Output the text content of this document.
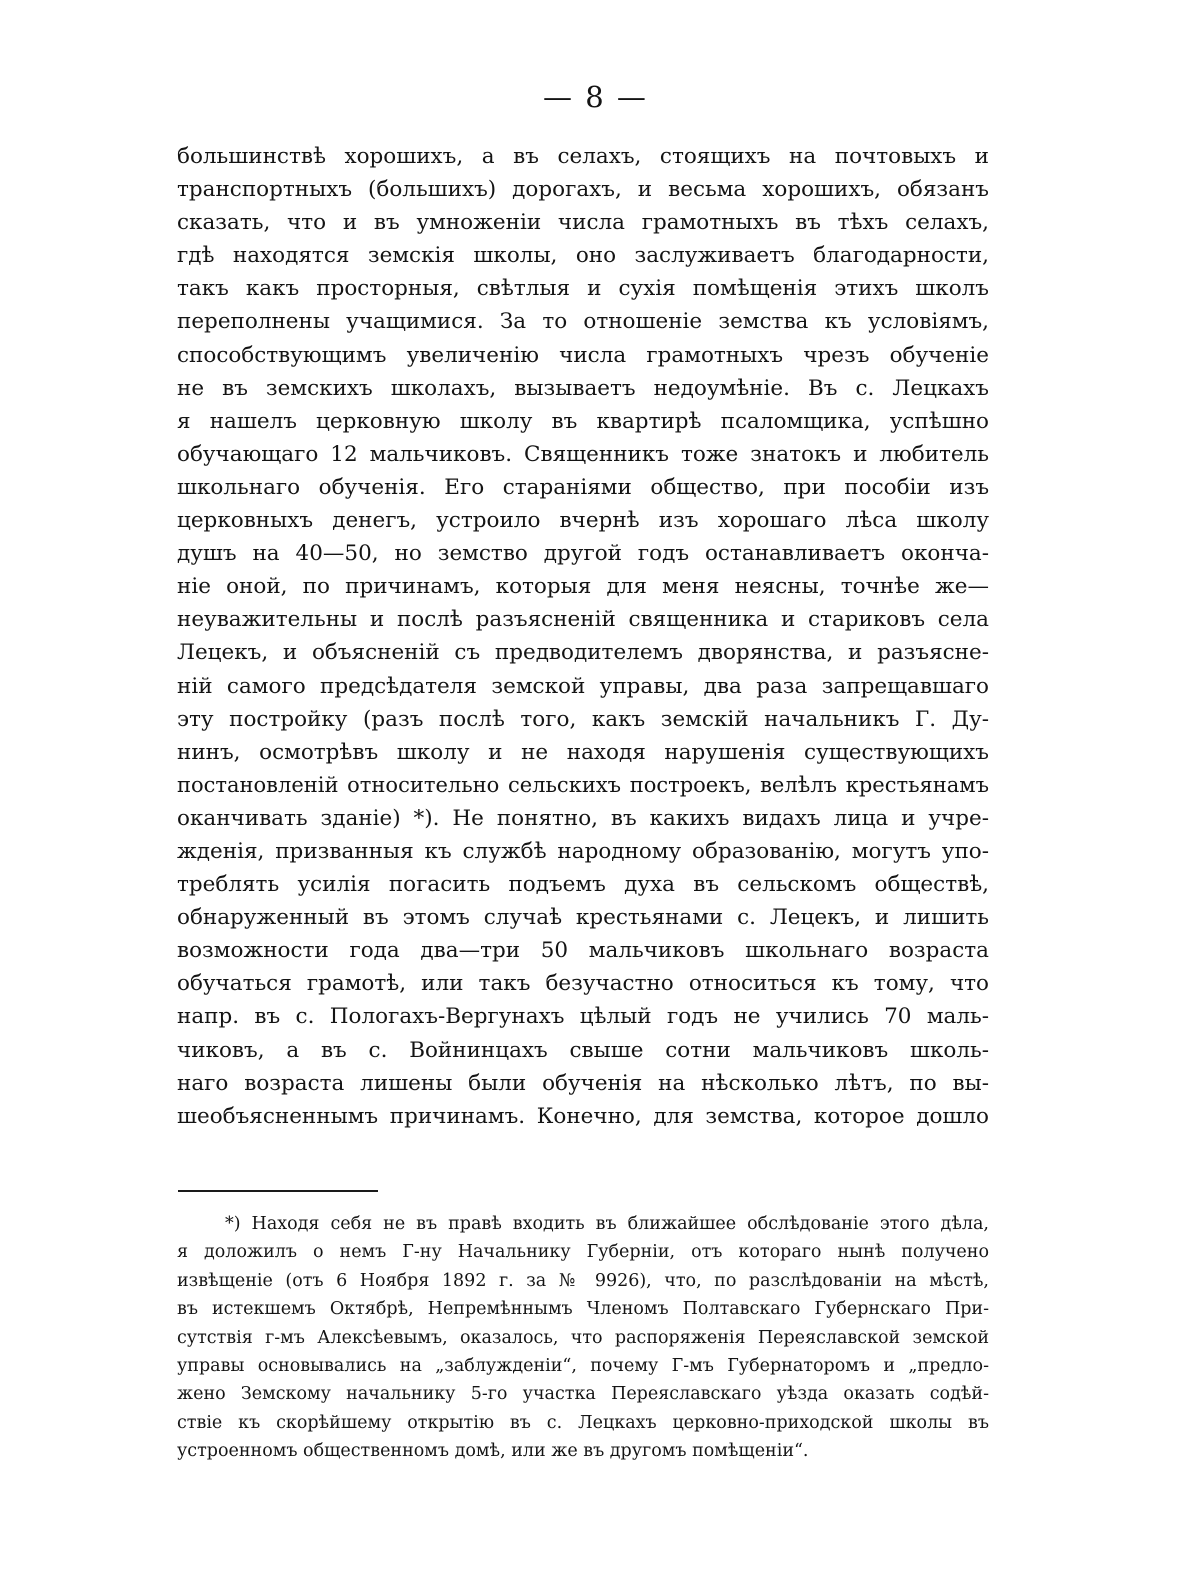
— 8 —
большинствѣ хорошихъ, а въ селахъ, стоящихъ на почтовыхъ и
транспортныхъ (большихъ) дорогахъ, и весьма хорошихъ, обязанъ
сказать, что и въ умноженіи числа грамотныхъ въ тѣхъ селахъ,
гдѣ находятся земскія школы, оно заслуживаетъ благодарности,
такъ какъ просторныя, свѣтлыя и сухія помѣщенія этихъ школъ
переполнены учащимися. За то отношеніе земства къ условіямъ,
способствующимъ увеличенію числа грамотныхъ чрезъ обученіе
не въ земскихъ школахъ, вызываетъ недоумѣніе. Въ с. Лецкахъ
я нашелъ церковную школу въ квартирѣ псаломщика, успѣшно
обучающаго 12 мальчиковъ. Священникъ тоже знатокъ и любитель
школьнаго обученія. Его стараніями общество, при пособіи изъ
церковныхъ денегъ, устроило вчернѣ изъ хорошаго лѣса школу
душъ на 40—50, но земство другой годъ останавливаетъ оконча-
ніе оной, по причинамъ, которыя для меня неясны, точнѣе же—
неуважительны и послѣ разъясненій священника и стариковъ села
Лецекъ, и объясненій съ предводителемъ дворянства, и разъясне-
ній самого предсѣдателя земской управы, два раза запрещавшаго
эту постройку (разъ послѣ того, какъ земскій начальникъ Г. Ду-
нинъ, осмотрѣвъ школу и не находя нарушенія существующихъ
постановленій относительно сельскихъ построекъ, велѣлъ крестьянамъ
оканчивать зданіе) *). Не понятно, въ какихъ видахъ лица и учре-
жденія, призванныя къ службѣ народному образованію, могутъ упо-
треблять усилія погасить подъемъ духа въ сельскомъ обществѣ,
обнаруженный въ этомъ случаѣ крестьянами с. Лецекъ, и лишить
возможности года два—три 50 мальчиковъ школьнаго возраста
обучаться грамотѣ, или такъ безучастно относиться къ тому, что
напр. въ с. Пологахъ-Вергунахъ цѣлый годъ не учились 70 маль-
чиковъ, а въ с. Войнинцахъ свыше сотни мальчиковъ школь-
наго возраста лишены были обученія на нѣсколько лѣтъ, по вы-
шеобъясненнымъ причинамъ. Конечно, для земства, которое дошло
*) Находя себя не въ правѣ входить въ ближайшее обслѣдованіе этого дѣла,
я доложилъ о немъ Г-ну Начальнику Губерніи, отъ котораго нынѣ получено
извѣщеніе (отъ 6 Ноября 1892 г. за № 9926), что, по разслѣдованіи на мѣстѣ,
въ истекшемъ Октябрѣ, Непремѣннымъ Членомъ Полтавскаго Губернскаго При-
сутствія г-мъ Алексѣевымъ, оказалось, что распоряженія Переяславской земской
управы основывались на „заблужденіи“, почему Г-мъ Губернаторомъ и „предло-
жено Земскому начальнику 5-го участка Переяславскаго уѣзда оказать содѣй-
ствіе къ скорѣйшему открытію въ с. Лецкахъ церковно-приходской школы въ
устроенномъ общественномъ домѣ, или же въ другомъ помѣщеніи“.
